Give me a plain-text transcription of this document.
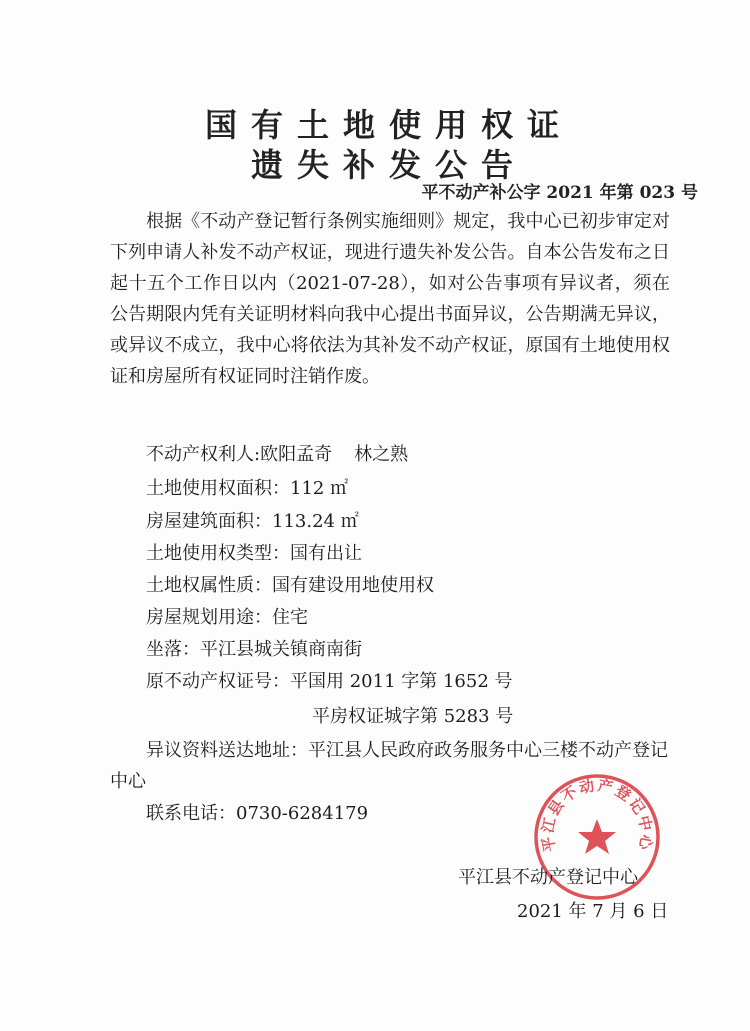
国有土地使用权证
遗失补发公告
平不动产补公字 2021 年第 023 号
根据《不动产登记暂行条例实施细则》规定，我中心已初步审定对下列申请人补发不动产权证，现进行遗失补发公告。自本公告发布之日起十五个工作日以内（2021-07-28），如对公告事项有异议者，须在公告期限内凭有关证明材料向我中心提出书面异议，公告期满无异议，或异议不成立，我中心将依法为其补发不动产权证，原国有土地使用权证和房屋所有权证同时注销作废。
不动产权利人:欧阳孟奇 林之熟
土地使用权面积：112 ㎡
房屋建筑面积：113.24 ㎡
土地使用权类型：国有出让
土地权属性质：国有建设用地使用权
房屋规划用途：住宅
坐落：平江县城关镇商南街
原不动产权证号：平国用 2011 字第 1652 号
平房权证城字第 5283 号
异议资料送达地址：平江县人民政府政务服务中心三楼不动产登记中心
联系电话：0730-6284179
平江县不动产登记中心
平江县不动产登记中心
2021 年 7 月 6 日
